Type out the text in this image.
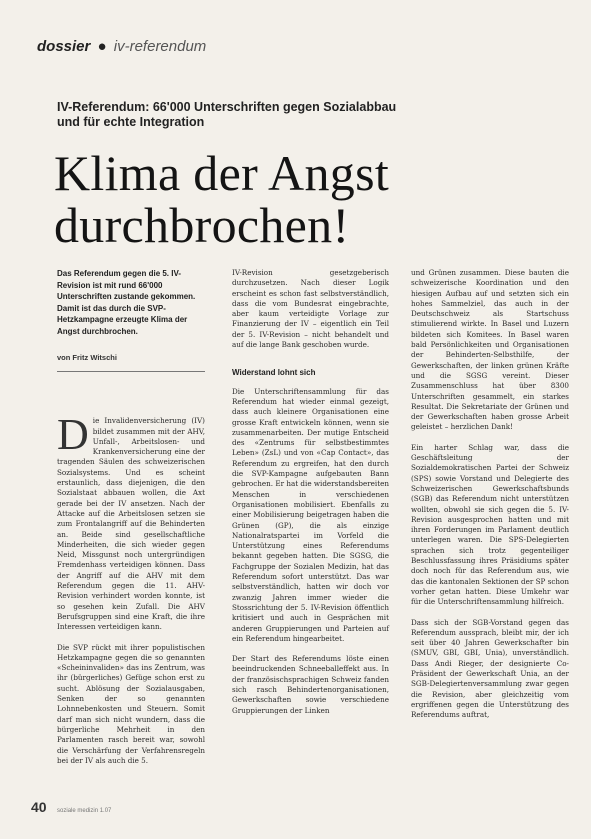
dossier ● iv-referendum
IV-Referendum: 66'000 Unterschriften gegen Sozialabbau und für echte Integration
Klima der Angst durchbrochen!

Das Referendum gegen die 5. IV-Revision ist mit rund 66'000 Unterschriften zustande gekommen. Damit ist das durch die SVP-Hetzkampagne erzeugte Klima der Angst durchbrochen.

von Fritz Witschi

Die Invalidenversicherung (IV) bildet zusammen mit der AHV, Unfall-, Arbeitslosen- und Krankenversicherung eine der tragenden Säulen des schweizerischen Sozialsystems. Und es scheint erstaunlich, dass diejenigen, die den Sozialstaat abbauen wollen, die Axt gerade bei der IV ansetzen. Nach der Attacke auf die Arbeitslosen setzen sie zum Frontalangriff auf die Behinderten an. Beide sind gesellschaftliche Minderheiten, die sich wieder gegen Neid, Missgunst noch untergründigen Fremdenhass verteidigen können. Dass der Angriff auf die AHV mit dem Referendum gegen die 11. AHV-Revision verhindert worden konnte, ist so gesehen kein Zufall. Die AHV Berufsgruppen sind eine Kraft, die ihre Interessen verteidigen kann.

Die SVP rückt mit ihrer populistischen Hetzkampagne gegen die so genannten «Scheininvaliden» das ins Zentrum, was ihr (bürgerliches) Gefüge schon erst zu sucht. Ablösung der Sozialausgaben, Senken der so genannten Lohnnebenkosten und Steuern. Somit darf man sich nicht wundern, dass die bürgerliche Mehrheit in den Parlamenten rasch bereit war, sowohl die Verschärfung der Verfahrensregeln bei der IV als auch die 5.

IV-Revision gesetzgeberisch durchzusetzen. Nach dieser Logik erscheint es schon fast selbstverständlich, dass die vom Bundesrat eingebrachte, aber kaum verteidigte Vorlage zur Finanzierung der IV – eigentlich ein Teil der 5. IV-Revision – nicht behandelt und auf die lange Bank geschoben wurde.

Widerstand lohnt sich

Die Unterschriftensammlung für das Referendum hat wieder einmal gezeigt, dass auch kleinere Organisationen eine grosse Kraft entwickeln können, wenn sie zusammenarbeiten. Der mutige Entscheid des «Zentrums für selbstbestimmtes Leben» (ZsL) und von «Cap Contact», das Referendum zu ergreifen, hat den durch die SVP-Kampagne aufgebauten Bann gebrochen. Er hat die widerstandsbereiten Menschen in verschiedenen Organisationen mobilisiert. Ebenfalls zu einer Mobilisierung beigetragen haben die Grünen (GP), die als einzige Nationalratspartei im Vorfeld die Unterstützung eines Referendums bekannt gegeben hatten. Die SGSG, die Fachgruppe der Sozialen Medizin, hat das Referendum sofort unterstützt. Das war selbstverständlich, hatten wir doch vor zwanzig Jahren immer wieder die Stossrichtung der 5. IV-Revision öffentlich kritisiert und auch in Gesprächen mit anderen Gruppierungen und Parteien auf ein Referendum hingearbeitet.

Der Start des Referendums löste einen beeindruckenden Schneeballeffekt aus. In der französischsprachigen Schweiz fanden sich rasch Behindertenorganisationen, Gewerkschaften sowie verschiedene Gruppierungen der Linken

und Grünen zusammen. Diese bauten die schweizerische Koordination und den hiesigen Aufbau auf und setzten sich ein hohes Sammelziel, das auch in der Deutschschweiz als Startschuss stimulierend wirkte. In Basel und Luzern bildeten sich Komitees. In Basel waren bald Persönlichkeiten und Organisationen der Behinderten-Selbsthilfe, der Gewerkschaften, der linken grünen Kräfte und die SGSG vereint. Dieser Zusammenschluss hat über 8300 Unterschriften gesammelt, ein starkes Resultat. Die Sekretariate der Grünen und der Gewerkschaften haben grosse Arbeit geleistet – herzlichen Dank!

Ein harter Schlag war, dass die Geschäftsleitung der Sozialdemokratischen Partei der Schweiz (SPS) sowie Vorstand und Delegierte des Schweizerischen Gewerkschaftsbunds (SGB) das Referendum nicht unterstützen wollten, obwohl sie sich gegen die 5. IV-Revision ausgesprochen hatten und mit ihren Forderungen im Parlament deutlich unterlegen waren. Die SPS-Delegierten sprachen sich trotz gegenteiliger Beschlussfassung ihres Präsidiums später doch noch für das Referendum aus, wie das die kantonalen Sektionen der SP schon vorher getan hatten. Diese Umkehr war für die Unterschriftensammlung hilfreich.

Dass sich der SGB-Vorstand gegen das Referendum aussprach, bleibt mir, der ich seit über 40 Jahren Gewerkschafter bin (SMUV, GBI, GBI, Unia), unverständlich. Dass Andi Rieger, der designierte Co-Präsident der Gewerkschaft Unia, an der SGB-Delegiertenversammlung zwar gegen die Revision, aber gleichzeitig vom ergriffenen gegen die Unterstützung des Referendums auftrat,

40 soziale medizin 1.07
